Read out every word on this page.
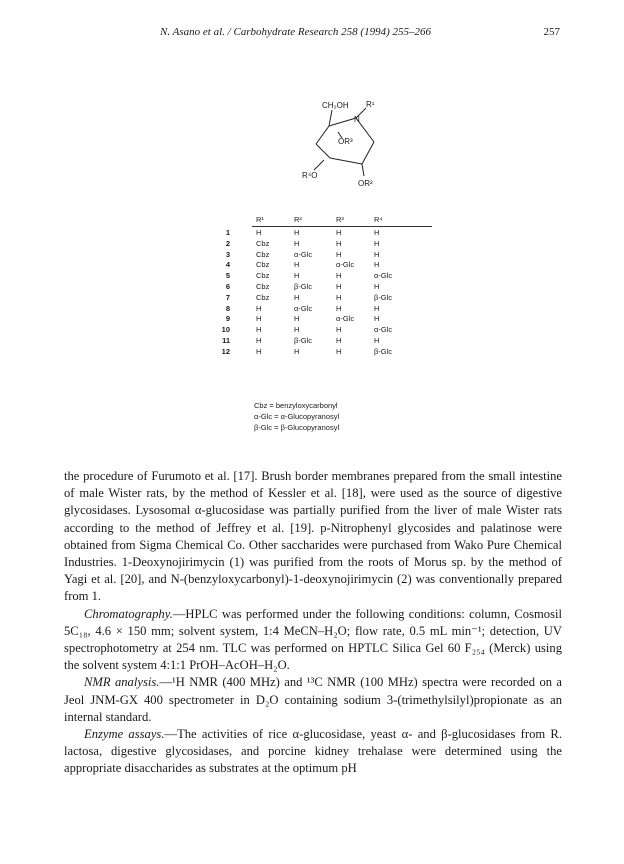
N. Asano et al. / Carbohydrate Research 258 (1994) 255–266	257
CH₂OH R¹
N
OR³
R⁴O
OR²
R¹	R²	R³	R⁴
1	H	H	H	H
2	Cbz	H	H	H
3	Cbz	α-Glc	H	H
4	Cbz	H	α-Glc	H
5	Cbz	H	H	α-Glc
6	Cbz	β-Glc	H	H
7	Cbz	H	H	β-Glc
8	H	α-Glc	H	H
9	H	H	α-Glc	H
10	H	H	H	α-Glc
11	H	β-Glc	H	H
12	H	H	H	β-Glc
Cbz = benzyloxycarbonyl
α-Glc = α-Glucopyranosyl
β-Glc = β-Glucopyranosyl

the procedure of Furumoto et al. [17]. Brush border membranes prepared from the small intestine of male Wister rats, by the method of Kessler et al. [18], were used as the source of digestive glycosidases. Lysosomal α-glucosidase was partially purified from the liver of male Wister rats according to the method of Jeffrey et al. [19]. p-Nitrophenyl glycosides and palatinose were obtained from Sigma Chemical Co. Other saccharides were purchased from Wako Pure Chemical Industries. 1-Deoxynojirimycin (1) was purified from the roots of Morus sp. by the method of Yagi et al. [20], and N-(benzyloxycarbonyl)-1-deoxynojirimycin (2) was conventionally prepared from 1.

Chromatography.—HPLC was performed under the following conditions: column, Cosmosil 5C₁₈, 4.6 × 150 mm; solvent system, 1:4 MeCN–H₂O; flow rate, 0.5 mL min⁻¹; detection, UV spectrophotometry at 254 nm. TLC was performed on HPTLC Silica Gel 60 F₂₅₄ (Merck) using the solvent system 4:1:1 PrOH–AcOH–H₂O.

NMR analysis.—¹H NMR (400 MHz) and ¹³C NMR (100 MHz) spectra were recorded on a Jeol JNM-GX 400 spectrometer in D₂O containing sodium 3-(trimethylsilyl)propionate as an internal standard.

Enzyme assays.—The activities of rice α-glucosidase, yeast α- and β-glucosidases from R. lactosa, digestive glycosidases, and porcine kidney trehalase were determined using the appropriate disaccharides as substrates at the optimum pH
